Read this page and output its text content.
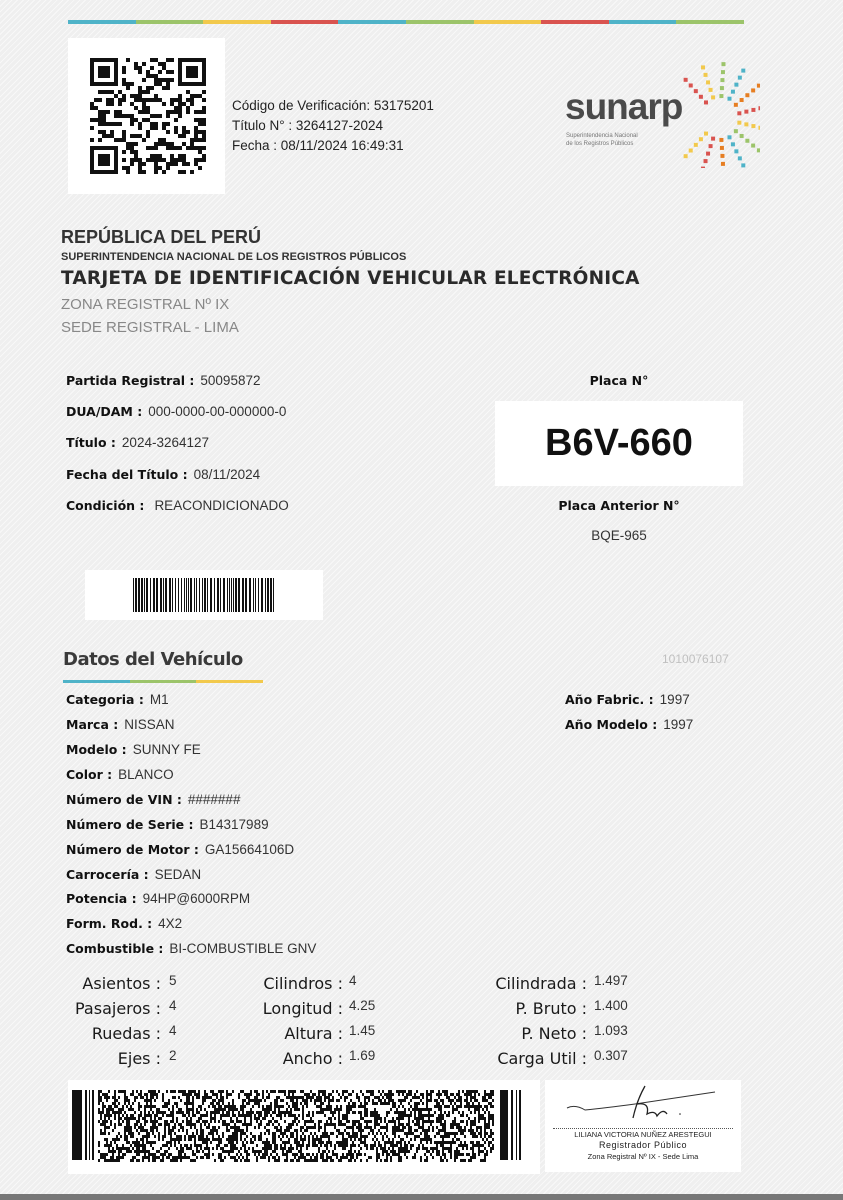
Código de Verificación: 53175201
Título N° : 3264127-2024
Fecha : 08/11/2024 16:49:31
sunarp
Superintendencia Nacional
de los Registros Públicos
REPÚBLICA DEL PERÚ
SUPERINTENDENCIA NACIONAL DE LOS REGISTROS PÚBLICOS
TARJETA DE IDENTIFICACIÓN VEHICULAR ELECTRÓNICA
ZONA REGISTRAL Nº IX
SEDE REGISTRAL - LIMA
Partida Registral : 50095872
DUA/DAM : 000-0000-00-000000-0
Título : 2024-3264127
Fecha del Título : 08/11/2024
Condición : REACONDICIONADO
Placa N°
B6V-660
Placa Anterior N°
BQE-965
Datos del Vehículo	1010076107
Categoria : M1
Marca : NISSAN
Modelo : SUNNY FE
Color : BLANCO
Número de VIN : #######
Número de Serie : B14317989
Número de Motor : GA15664106D
Carrocería : SEDAN
Potencia : 94HP@6000RPM
Form. Rod. : 4X2
Combustible : BI-COMBUSTIBLE GNV
Año Fabric. : 1997
Año Modelo : 1997
Asientos :
Pasajeros :
Ruedas :
Ejes :
5
4
4
2
Cilindros :
Longitud :
Altura :
Ancho :
4
4.25
1.45
1.69
Cilindrada :
P. Bruto :
P. Neto :
Carga Util :
1.497
1.400
1.093
0.307
LILIANA VICTORIA NUÑEZ ARESTEGUI
Registrador Público
Zona Registral Nº IX - Sede Lima
